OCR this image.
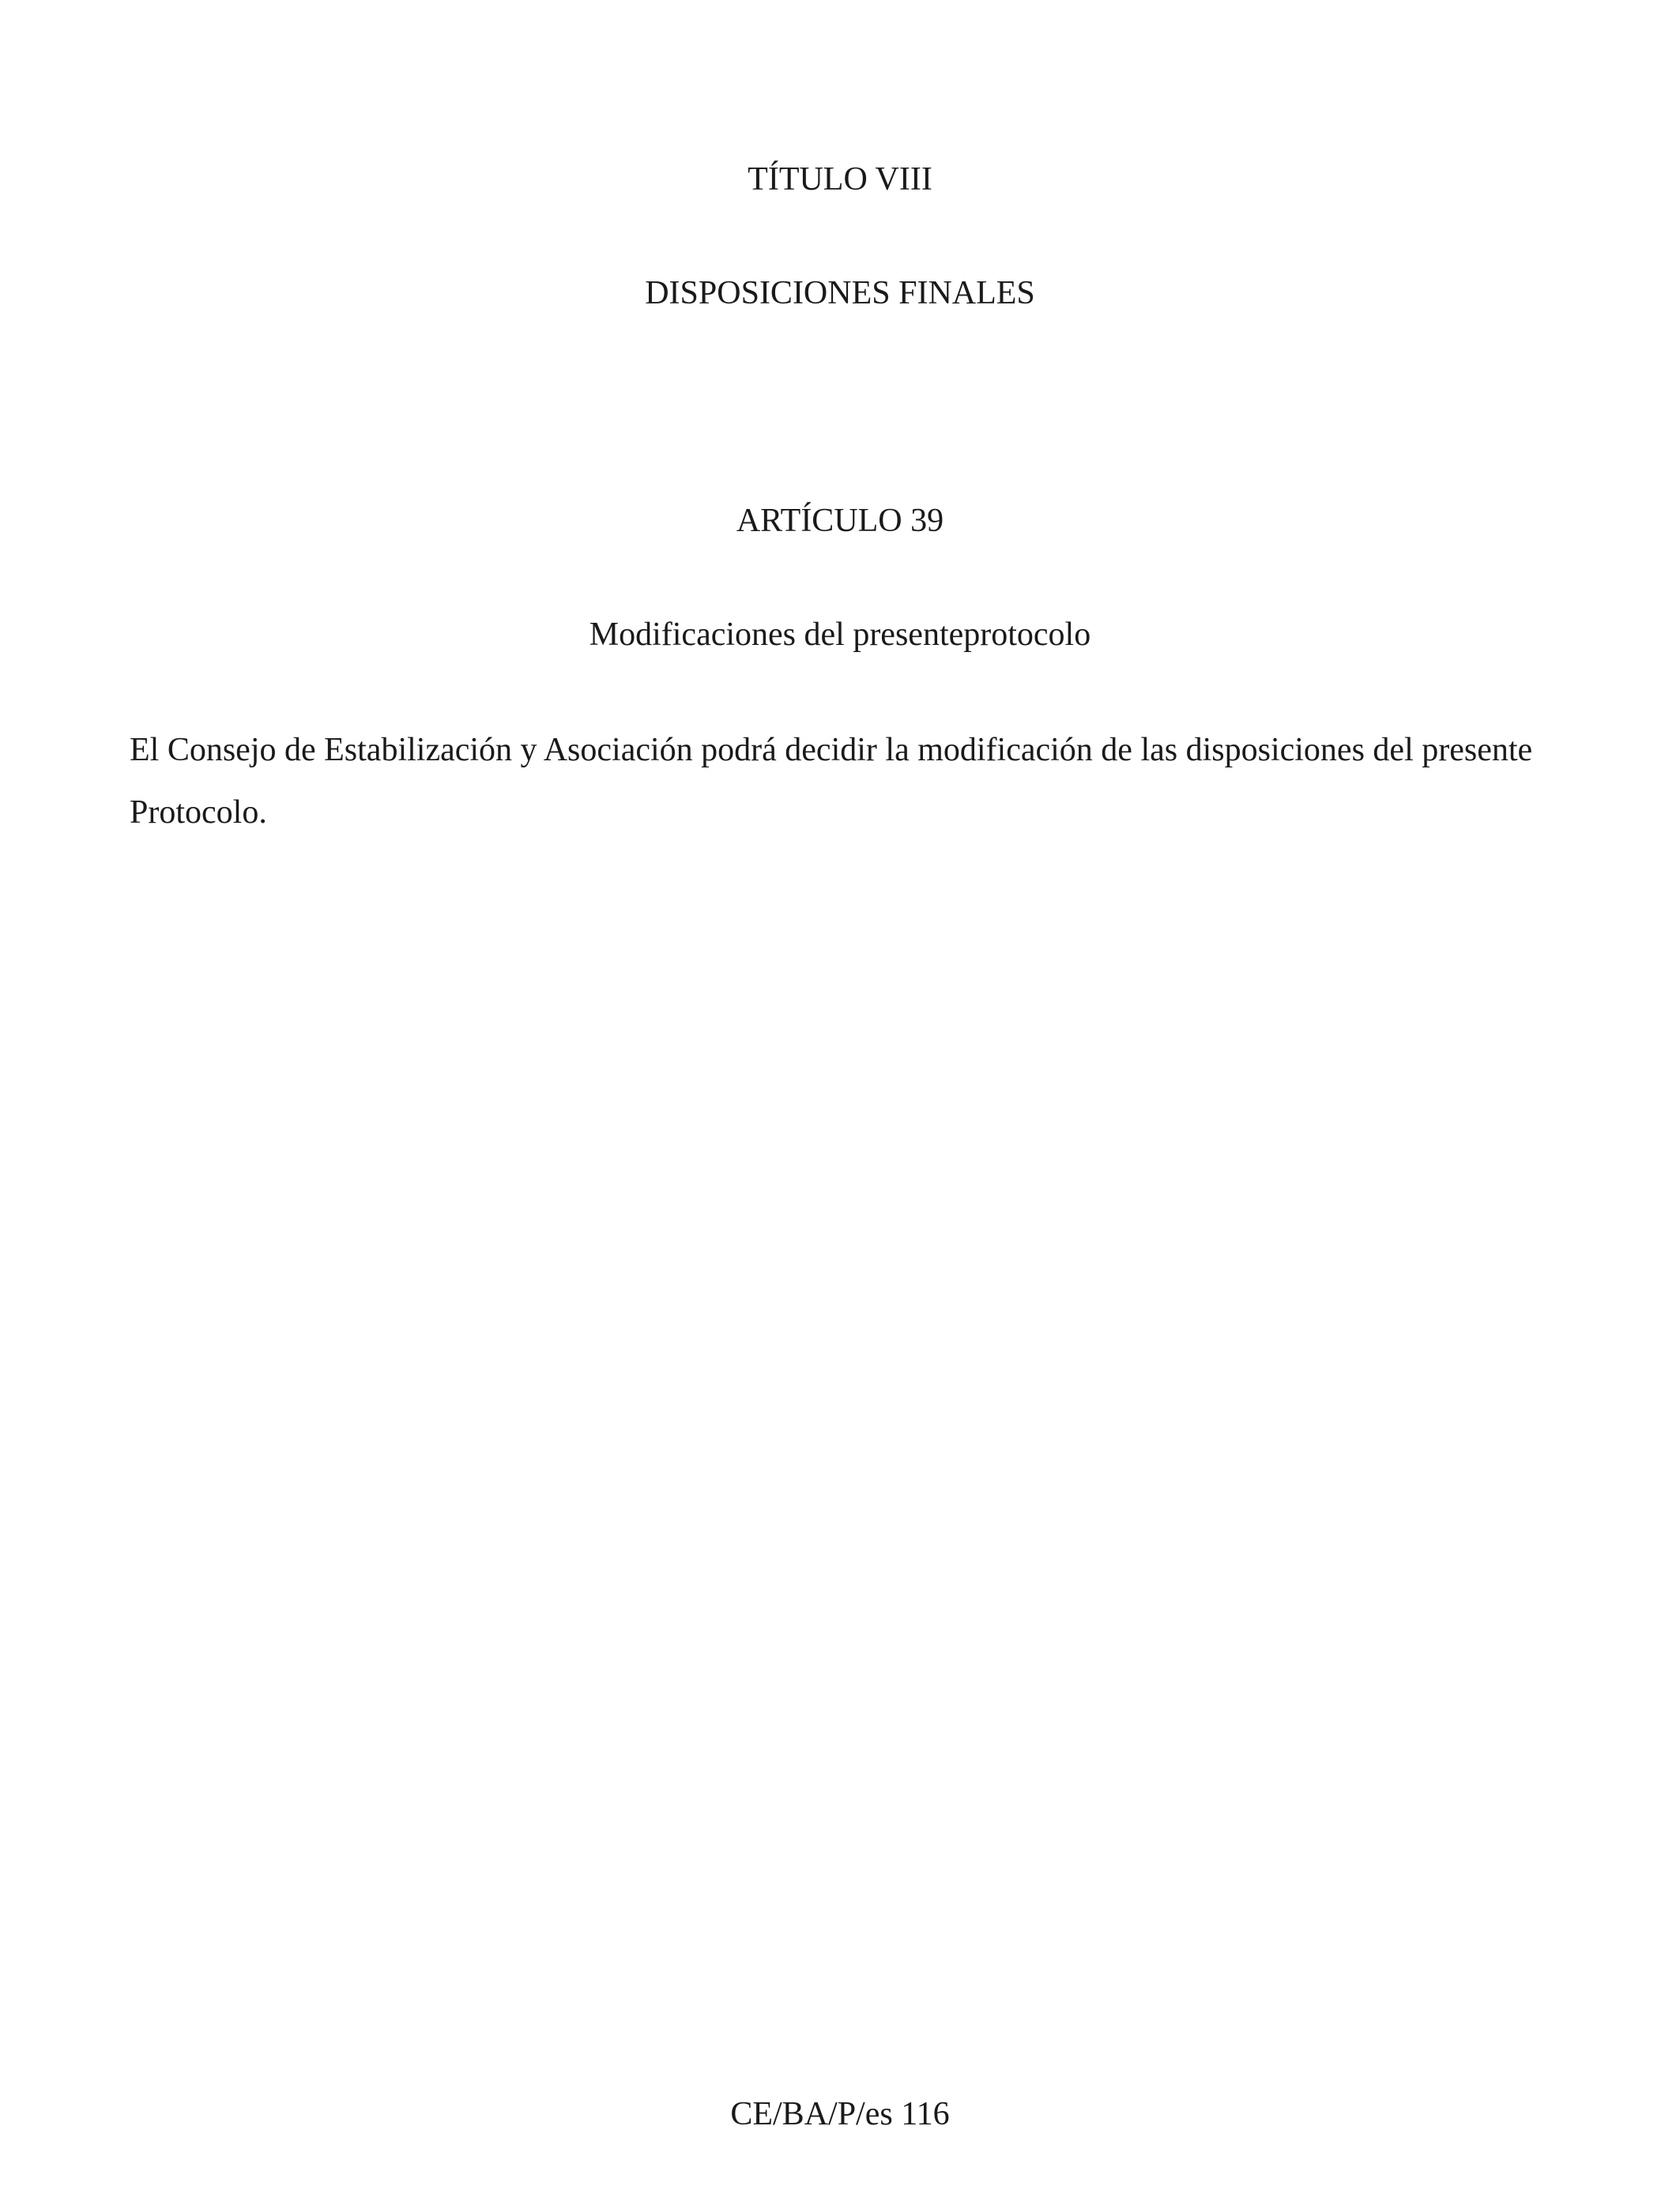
TÍTULO VIII
DISPOSICIONES FINALES
ARTÍCULO 39
Modificaciones del presenteprotocolo
El Consejo de Estabilización y Asociación podrá decidir la modificación de las disposiciones del presente Protocolo.
CE/BA/P/es 116
